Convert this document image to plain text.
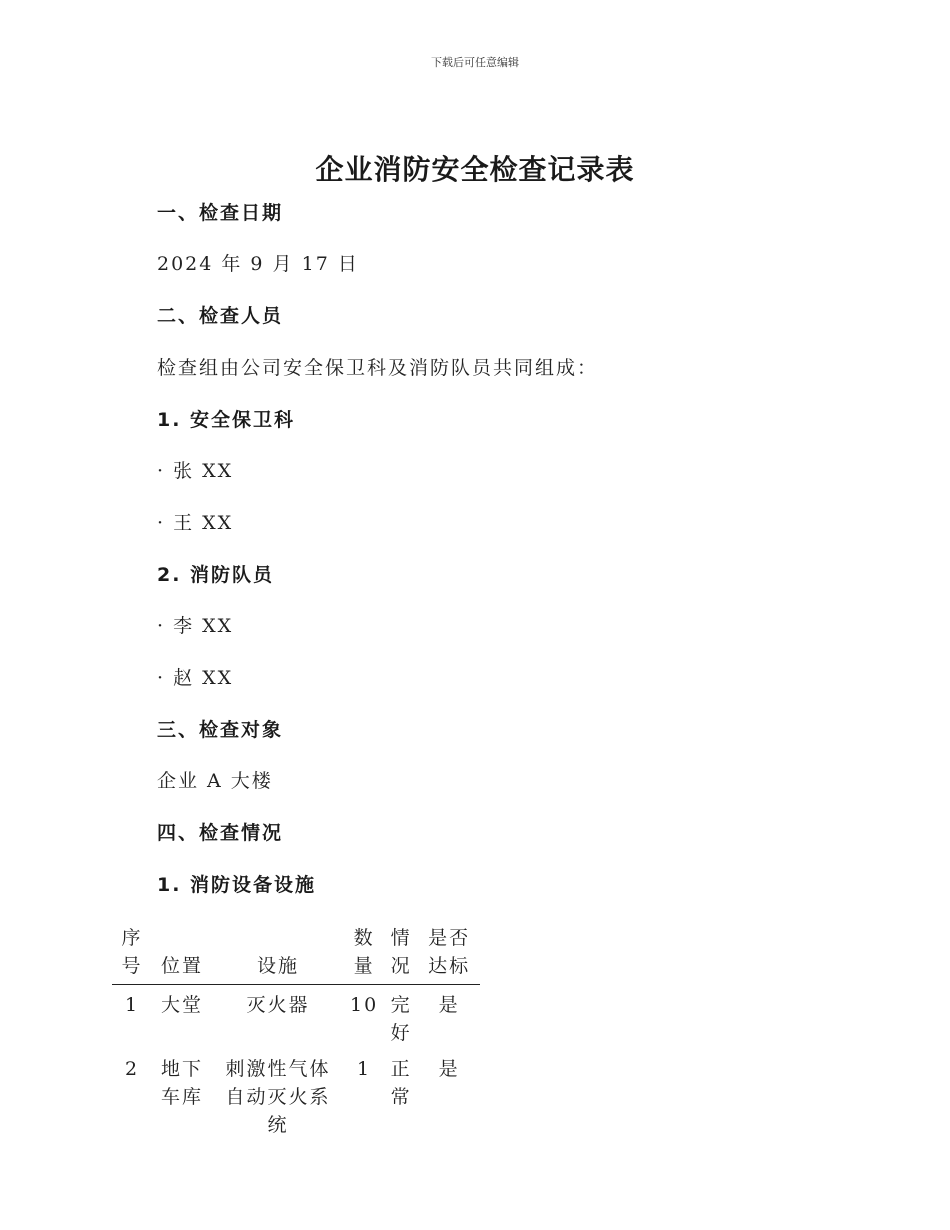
下载后可任意编辑
企业消防安全检查记录表
一、检查日期
2024 年 9 月 17 日
二、检查人员
检查组由公司安全保卫科及消防队员共同组成：
1. 安全保卫科
· 张 XX
· 王 XX
2. 消防队员
· 李 XX
· 赵 XX
三、检查对象
企业 A 大楼
四、检查情况
1. 消防设备设施
序号	位置	设施	数量	情况	是否达标
1	大堂	灭火器	10	完好	是
2	地下车库	刺激性气体自动灭火系统	1	正常	是
